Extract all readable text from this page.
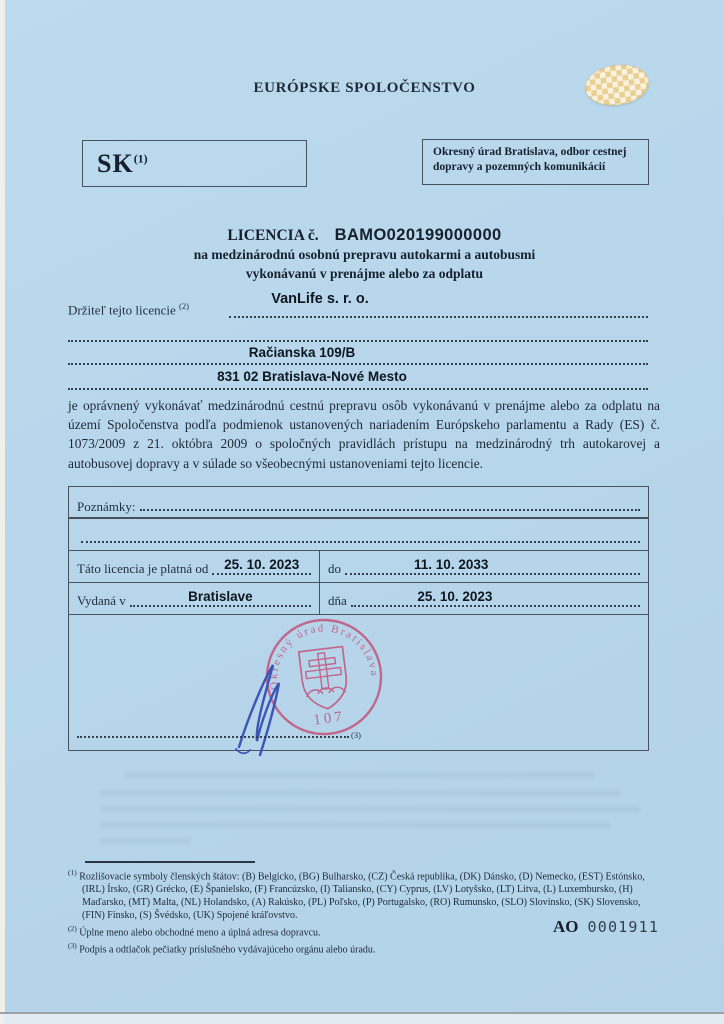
EURÓPSKE SPOLOČENSTVO
SK$^{(1)}$	Okresný úrad Bratislava, odbor cestnej
dopravy a pozemných komunikácií
LICENCIA č. BAMO020199000000
na medzinárodnú osobnú prepravu autokarmi a autobusmi
vykonávanú v prenájme alebo za odplatu
VanLife s. r. o.
Držiteľ tejto licencie $^{(2)}$
Račianska 109/B
831 02 Bratislava-Nové Mesto
je oprávnený vykonávať medzinárodnú cestnú prepravu osôb vykonávanú v prenájme alebo za odplatu na území Spoločenstva podľa podmienok ustanovených nariadením Európskeho parlamentu a Rady (ES) č. 1073/2009 z 21. októbra 2009 o spoločných pravidlách prístupu na medzinárodný trh autokarovej a autobusovej dopravy a v súlade so všeobecnými ustanoveniami tejto licencie.
Poznámky:
Táto licencia je platná od	25. 10. 2023	do	11. 10. 2033
Vydaná v	Bratislave	dňa	25. 10. 2023
Okresný úrad Bratislava
107
(3)
$^{(1)}$ Rozlišovacie symboly členských štátov: (B) Belgicko, (BG) Bulharsko, (CZ) Česká republika, (DK) Dánsko, (D) Nemecko, (EST) Estónsko, (IRL) Írsko, (GR) Grécko, (E) Španielsko, (F) Francúzsko, (I) Taliansko, (CY) Cyprus, (LV) Lotyšsko, (LT) Litva, (L) Luxembursko, (H) Maďarsko, (MT) Malta, (NL) Holandsko, (A) Rakúsko, (PL) Poľsko, (P) Portugalsko, (RO) Rumunsko, (SLO) Slovinsko, (SK) Slovensko, (FIN) Fínsko, (S) Švédsko, (UK) Spojené kráľovstvo.
$^{(2)}$ Úplne meno alebo obchodné meno a úplná adresa dopravcu.
$^{(3)}$ Podpis a odtlačok pečiatky príslušného vydávajúceho orgánu alebo úradu.
AO 0001911
